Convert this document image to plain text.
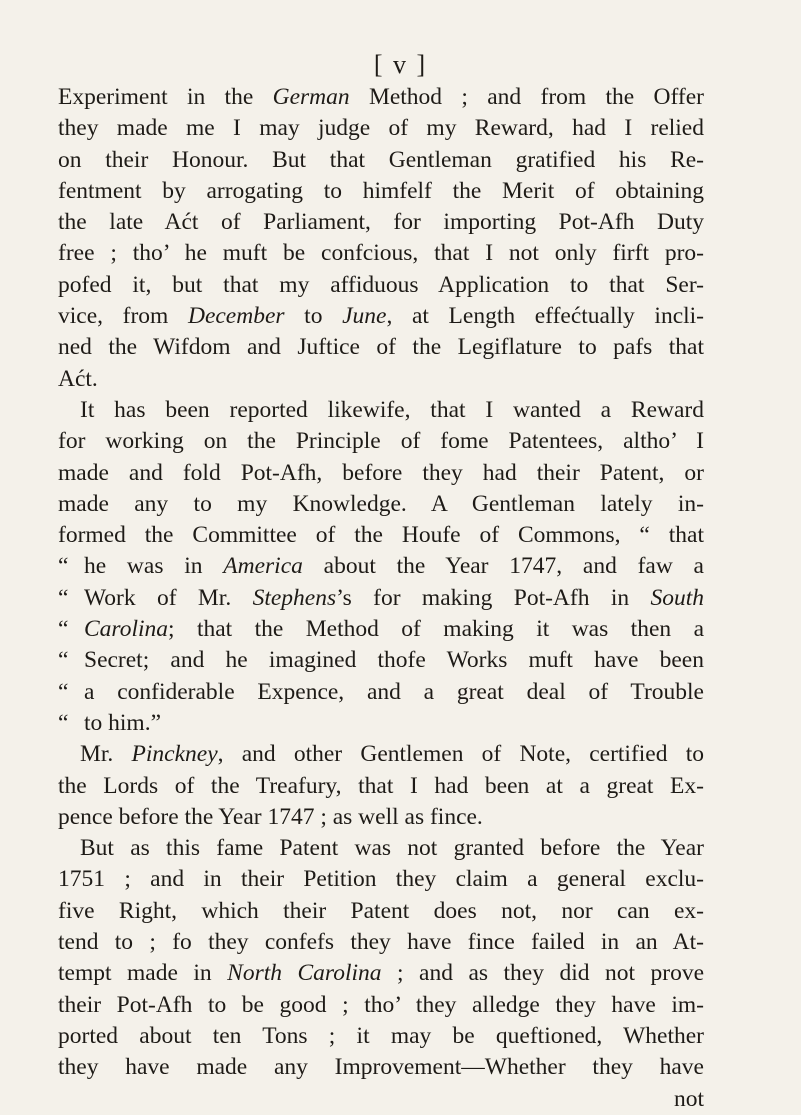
[ v ]
Experiment in the German Method ; and from the Offer
they made me I may judge of my Reward, had I relied
on their Honour. But that Gentleman gratified his Re-
fentment by arrogating to himfelf the Merit of obtaining
the late Aćt of Parliament, for importing Pot-Afh Duty
free ; tho’ he muft be confcious, that I not only firft pro-
pofed it, but that my affiduous Application to that Ser-
vice, from December to June, at Length effećtually incli-
ned the Wifdom and Juftice of the Legiflature to pafs that
Aćt.
It has been reported likewife, that I wanted a Reward
for working on the Principle of fome Patentees, altho’ I
made and fold Pot-Afh, before they had their Patent, or
made any to my Knowledge. A Gentleman lately in-
formed the Committee of the Houfe of Commons, “ that
“ he was in America about the Year 1747, and faw a
“ Work of Mr. Stephens’s for making Pot-Afh in South
“ Carolina; that the Method of making it was then a
“ Secret; and he imagined thofe Works muft have been
“ a confiderable Expence, and a great deal of Trouble
“ to him.”
Mr. Pinckney, and other Gentlemen of Note, certified to
the Lords of the Treafury, that I had been at a great Ex-
pence before the Year 1747 ; as well as fince.
But as this fame Patent was not granted before the Year
1751 ; and in their Petition they claim a general exclu-
five Right, which their Patent does not, nor can ex-
tend to ; fo they confefs they have fince failed in an At-
tempt made in North Carolina ; and as they did not prove
their Pot-Afh to be good ; tho’ they alledge they have im-
ported about ten Tons ; it may be queftioned, Whether
they have made any Improvement—Whether they have
not
